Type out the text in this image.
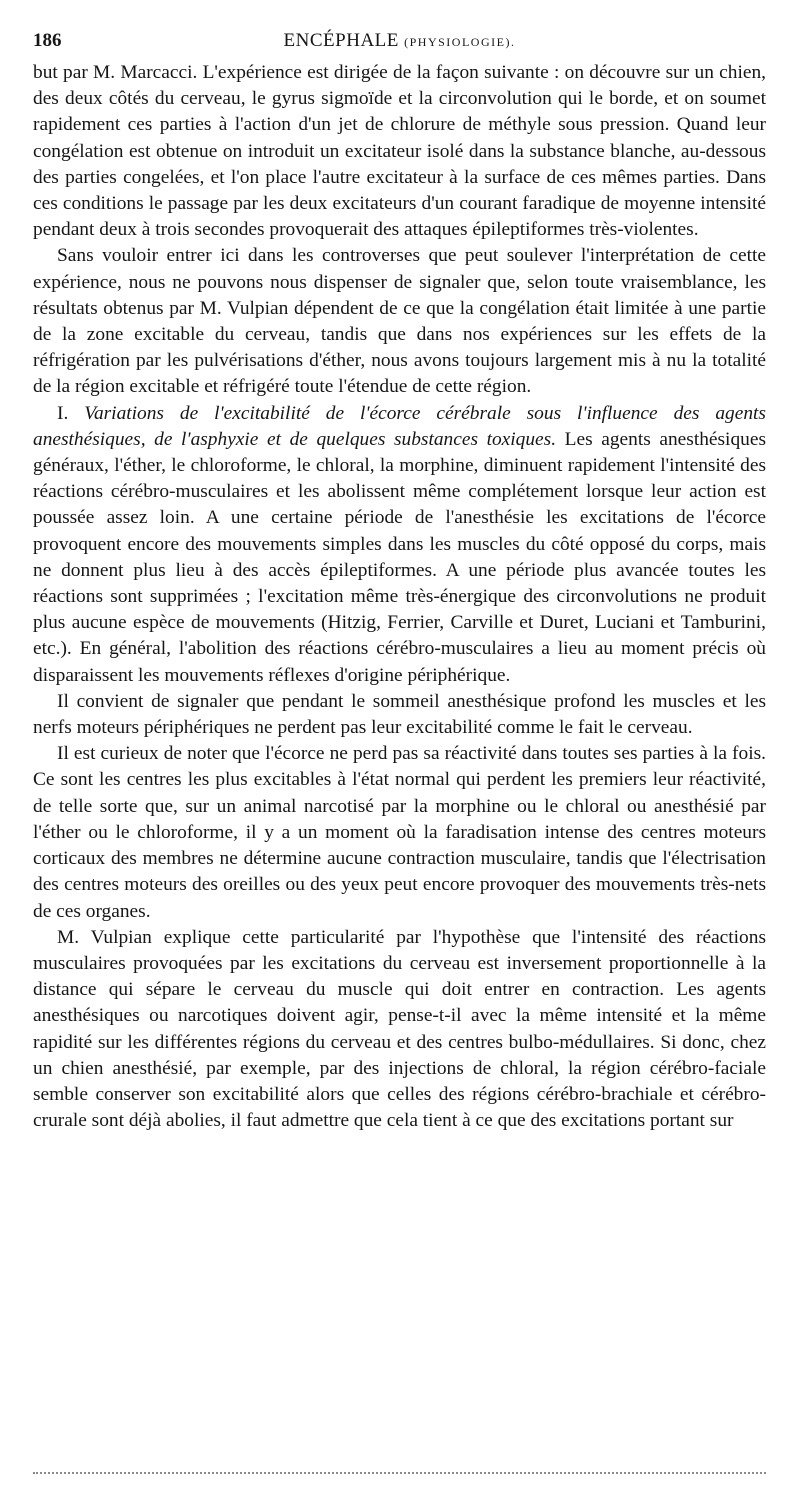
186	ENCÉPHALE (PHYSIOLOGIE).

but par M. Marcacci. L'expérience est dirigée de la façon suivante : on découvre sur un chien, des deux côtés du cerveau, le gyrus sigmoïde et la circonvolution qui le borde, et on soumet rapidement ces parties à l'action d'un jet de chlorure de méthyle sous pression. Quand leur congélation est obtenue on introduit un excitateur isolé dans la substance blanche, au-dessous des parties congelées, et l'on place l'autre excitateur à la surface de ces mêmes parties. Dans ces conditions le passage par les deux excitateurs d'un courant faradique de moyenne intensité pendant deux à trois secondes provoquerait des attaques épileptiformes très-violentes.

Sans vouloir entrer ici dans les controverses que peut soulever l'interprétation de cette expérience, nous ne pouvons nous dispenser de signaler que, selon toute vraisemblance, les résultats obtenus par M. Vulpian dépendent de ce que la congélation était limitée à une partie de la zone excitable du cerveau, tandis que dans nos expériences sur les effets de la réfrigération par les pulvérisations d'éther, nous avons toujours largement mis à nu la totalité de la région excitable et réfrigéré toute l'étendue de cette région.

I. Variations de l'excitabilité de l'écorce cérébrale sous l'influence des agents anesthésiques, de l'asphyxie et de quelques substances toxiques. Les agents anesthésiques généraux, l'éther, le chloroforme, le chloral, la morphine, diminuent rapidement l'intensité des réactions cérébro-musculaires et les abolissent même complétement lorsque leur action est poussée assez loin. A une certaine période de l'anesthésie les excitations de l'écorce provoquent encore des mouvements simples dans les muscles du côté opposé du corps, mais ne donnent plus lieu à des accès épileptiformes. A une période plus avancée toutes les réactions sont supprimées ; l'excitation même très-énergique des circonvolutions ne produit plus aucune espèce de mouvements (Hitzig, Ferrier, Carville et Duret, Luciani et Tamburini, etc.). En général, l'abolition des réactions cérébro-musculaires a lieu au moment précis où disparaissent les mouvements réflexes d'origine périphérique.

Il convient de signaler que pendant le sommeil anesthésique profond les muscles et les nerfs moteurs périphériques ne perdent pas leur excitabilité comme le fait le cerveau.

Il est curieux de noter que l'écorce ne perd pas sa réactivité dans toutes ses parties à la fois. Ce sont les centres les plus excitables à l'état normal qui perdent les premiers leur réactivité, de telle sorte que, sur un animal narcotisé par la morphine ou le chloral ou anesthésié par l'éther ou le chloroforme, il y a un moment où la faradisation intense des centres moteurs corticaux des membres ne détermine aucune contraction musculaire, tandis que l'électrisation des centres moteurs des oreilles ou des yeux peut encore provoquer des mouvements très-nets de ces organes.

M. Vulpian explique cette particularité par l'hypothèse que l'intensité des réactions musculaires provoquées par les excitations du cerveau est inversement proportionnelle à la distance qui sépare le cerveau du muscle qui doit entrer en contraction. Les agents anesthésiques ou narcotiques doivent agir, pense-t-il avec la même intensité et la même rapidité sur les différentes régions du cerveau et des centres bulbo-médullaires. Si donc, chez un chien anesthésié, par exemple, par des injections de chloral, la région cérébro-faciale semble conserver son excitabilité alors que celles des régions cérébro-brachiale et cérébro-crurale sont déjà abolies, il faut admettre que cela tient à ce que des excitations portant sur
